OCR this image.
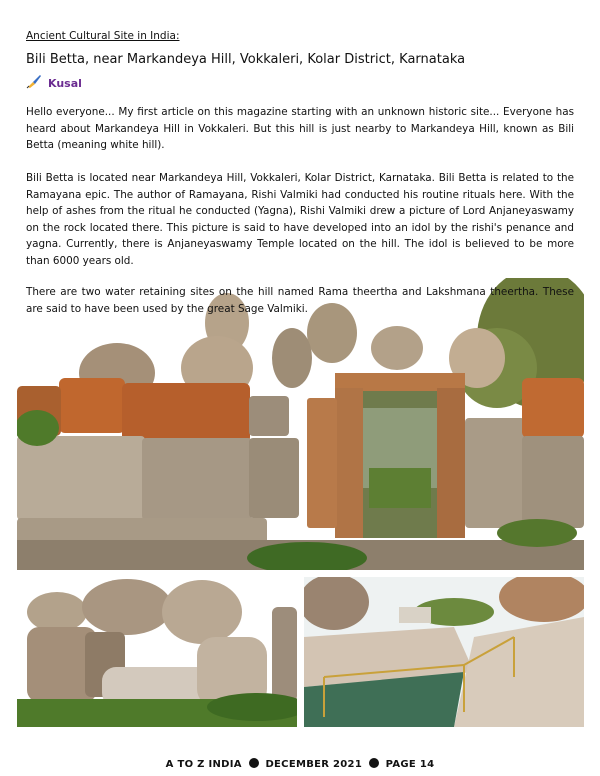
Ancient Cultural Site in India:
Bili Betta, near Markandeya Hill, Vokkaleri, Kolar District, Karnataka
Kusal

Hello everyone... My first article on this magazine starting with an unknown historic site... Everyone has heard about Markandeya Hill in Vokkaleri. But this hill is just nearby to Markandeya Hill, known as Bili Betta (meaning white hill).

Bili Betta is located near Markandeya Hill, Vokkaleri, Kolar District, Karnataka. Bili Betta is related to the Ramayana epic. The author of Ramayana, Rishi Valmiki had conducted his routine rituals here. With the help of ashes from the ritual he conducted (Yagna), Rishi Valmiki drew a picture of Lord Anjaneyaswamy on the rock located there. This picture is said to have developed into an idol by the rishi's penance and yagna. Currently, there is Anjaneyaswamy Temple located on the hill. The idol is believed to be more than 6000 years old.

There are two water retaining sites on the hill named Rama theertha and Lakshmana theertha. These are said to have been used by the great Sage Valmiki.

A TO Z INDIA DECEMBER 2021 PAGE 14
